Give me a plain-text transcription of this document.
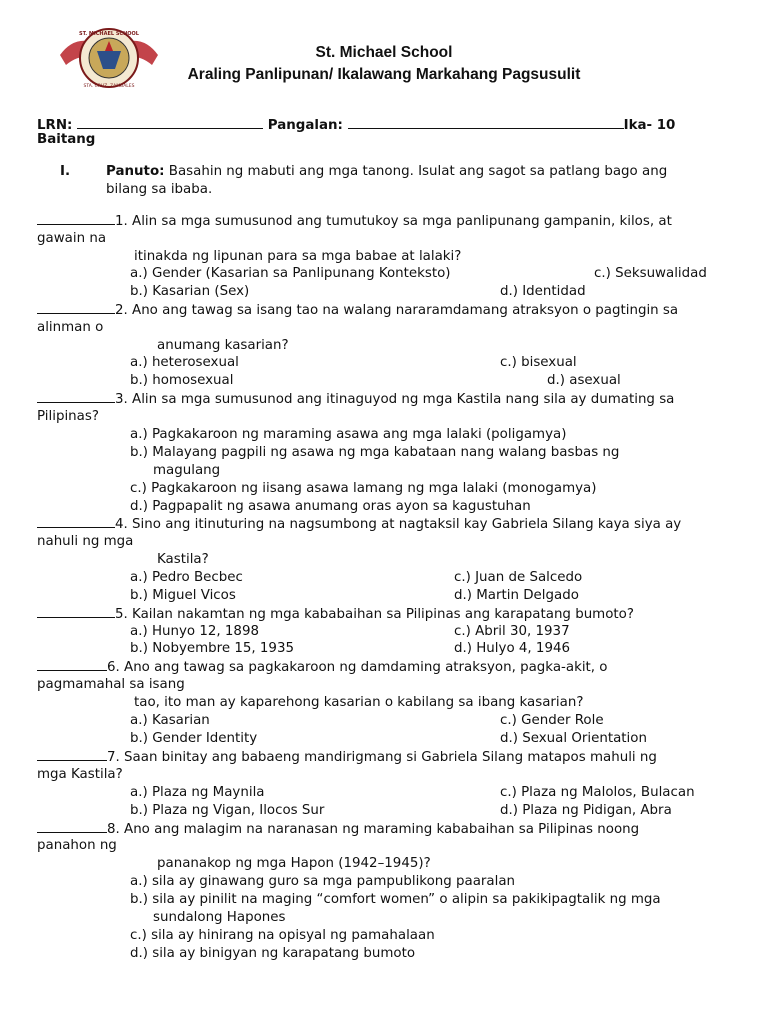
ST. MICHAEL SCHOOL
STA. CRUZ, ZAMBALES
St. Michael School
Araling Panlipunan/ Ikalawang Markahang Pagsusulit
LRN:	Pangalan:	Ika- 10
Baitang
I.	Panuto: Basahin ng mabuti ang mga tanong. Isulat ang sagot sa patlang bago ang
bilang sa ibaba.
1. Alin sa mga sumusunod ang tumutukoy sa mga panlipunang gampanin, kilos, at
gawain na
itinakda ng lipunan para sa mga babae at lalaki?
a.) Gender (Kasarian sa Panlipunang Konteksto)	c.) Seksuwalidad
b.) Kasarian (Sex)	d.) Identidad
2. Ano ang tawag sa isang tao na walang nararamdamang atraksyon o pagtingin sa
alinman o
anumang kasarian?
a.) heterosexual	c.) bisexual
b.) homosexual	d.) asexual
3. Alin sa mga sumusunod ang itinaguyod ng mga Kastila nang sila ay dumating sa
Pilipinas?
a.) Pagkakaroon ng maraming asawa ang mga lalaki (poligamya)
b.) Malayang pagpili ng asawa ng mga kabataan nang walang basbas ng
magulang
c.) Pagkakaroon ng iisang asawa lamang ng mga lalaki (monogamya)
d.) Pagpapalit ng asawa anumang oras ayon sa kagustuhan
4. Sino ang itinuturing na nagsumbong at nagtaksil kay Gabriela Silang kaya siya ay
nahuli ng mga
Kastila?
a.) Pedro Becbec	c.) Juan de Salcedo
b.) Miguel Vicos	d.) Martin Delgado
5. Kailan nakamtan ng mga kababaihan sa Pilipinas ang karapatang bumoto?
a.) Hunyo 12, 1898	c.) Abril 30, 1937
b.) Nobyembre 15, 1935	d.) Hulyo 4, 1946
6. Ano ang tawag sa pagkakaroon ng damdaming atraksyon, pagka-akit, o
pagmamahal sa isang
tao, ito man ay kaparehong kasarian o kabilang sa ibang kasarian?
a.) Kasarian	c.) Gender Role
b.) Gender Identity	d.) Sexual Orientation
7. Saan binitay ang babaeng mandirigmang si Gabriela Silang matapos mahuli ng
mga Kastila?
a.) Plaza ng Maynila	c.) Plaza ng Malolos, Bulacan
b.) Plaza ng Vigan, Ilocos Sur	d.) Plaza ng Pidigan, Abra
8. Ano ang malagim na naranasan ng maraming kababaihan sa Pilipinas noong
panahon ng
pananakop ng mga Hapon (1942–1945)?
a.) sila ay ginawang guro sa mga pampublikong paaralan
b.) sila ay pinilit na maging “comfort women” o alipin sa pakikipagtalik ng mga
sundalong Hapones
c.) sila ay hinirang na opisyal ng pamahalaan
d.) sila ay binigyan ng karapatang bumoto
